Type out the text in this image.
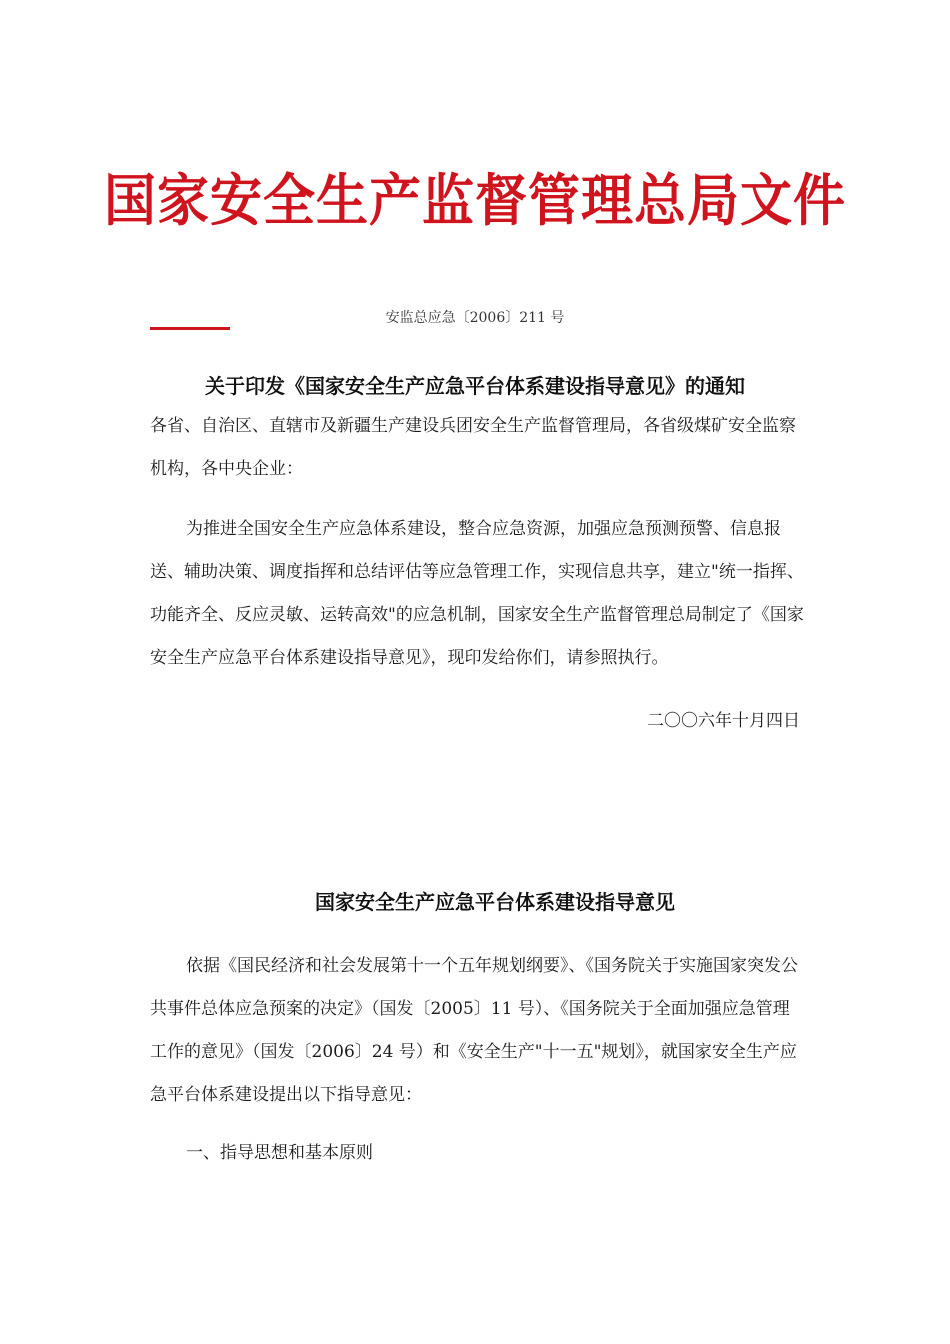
国家安全生产监督管理总局文件
安监总应急〔2006〕211 号
关于印发《国家安全生产应急平台体系建设指导意见》的通知

各省、自治区、直辖市及新疆生产建设兵团安全生产监督管理局，各省级煤矿安全监察机构，各中央企业：

为推进全国安全生产应急体系建设，整合应急资源，加强应急预测预警、信息报送、辅助决策、调度指挥和总结评估等应急管理工作，实现信息共享，建立"统一指挥、功能齐全、反应灵敏、运转高效"的应急机制，国家安全生产监督管理总局制定了《国家安全生产应急平台体系建设指导意见》，现印发给你们，请参照执行。

二〇〇六年十月四日
国家安全生产应急平台体系建设指导意见

依据《国民经济和社会发展第十一个五年规划纲要》、《国务院关于实施国家突发公共事件总体应急预案的决定》（国发〔2005〕11 号）、《国务院关于全面加强应急管理工作的意见》（国发〔2006〕24 号）和《安全生产"十一五"规划》，就国家安全生产应急平台体系建设提出以下指导意见：

一、指导思想和基本原则
